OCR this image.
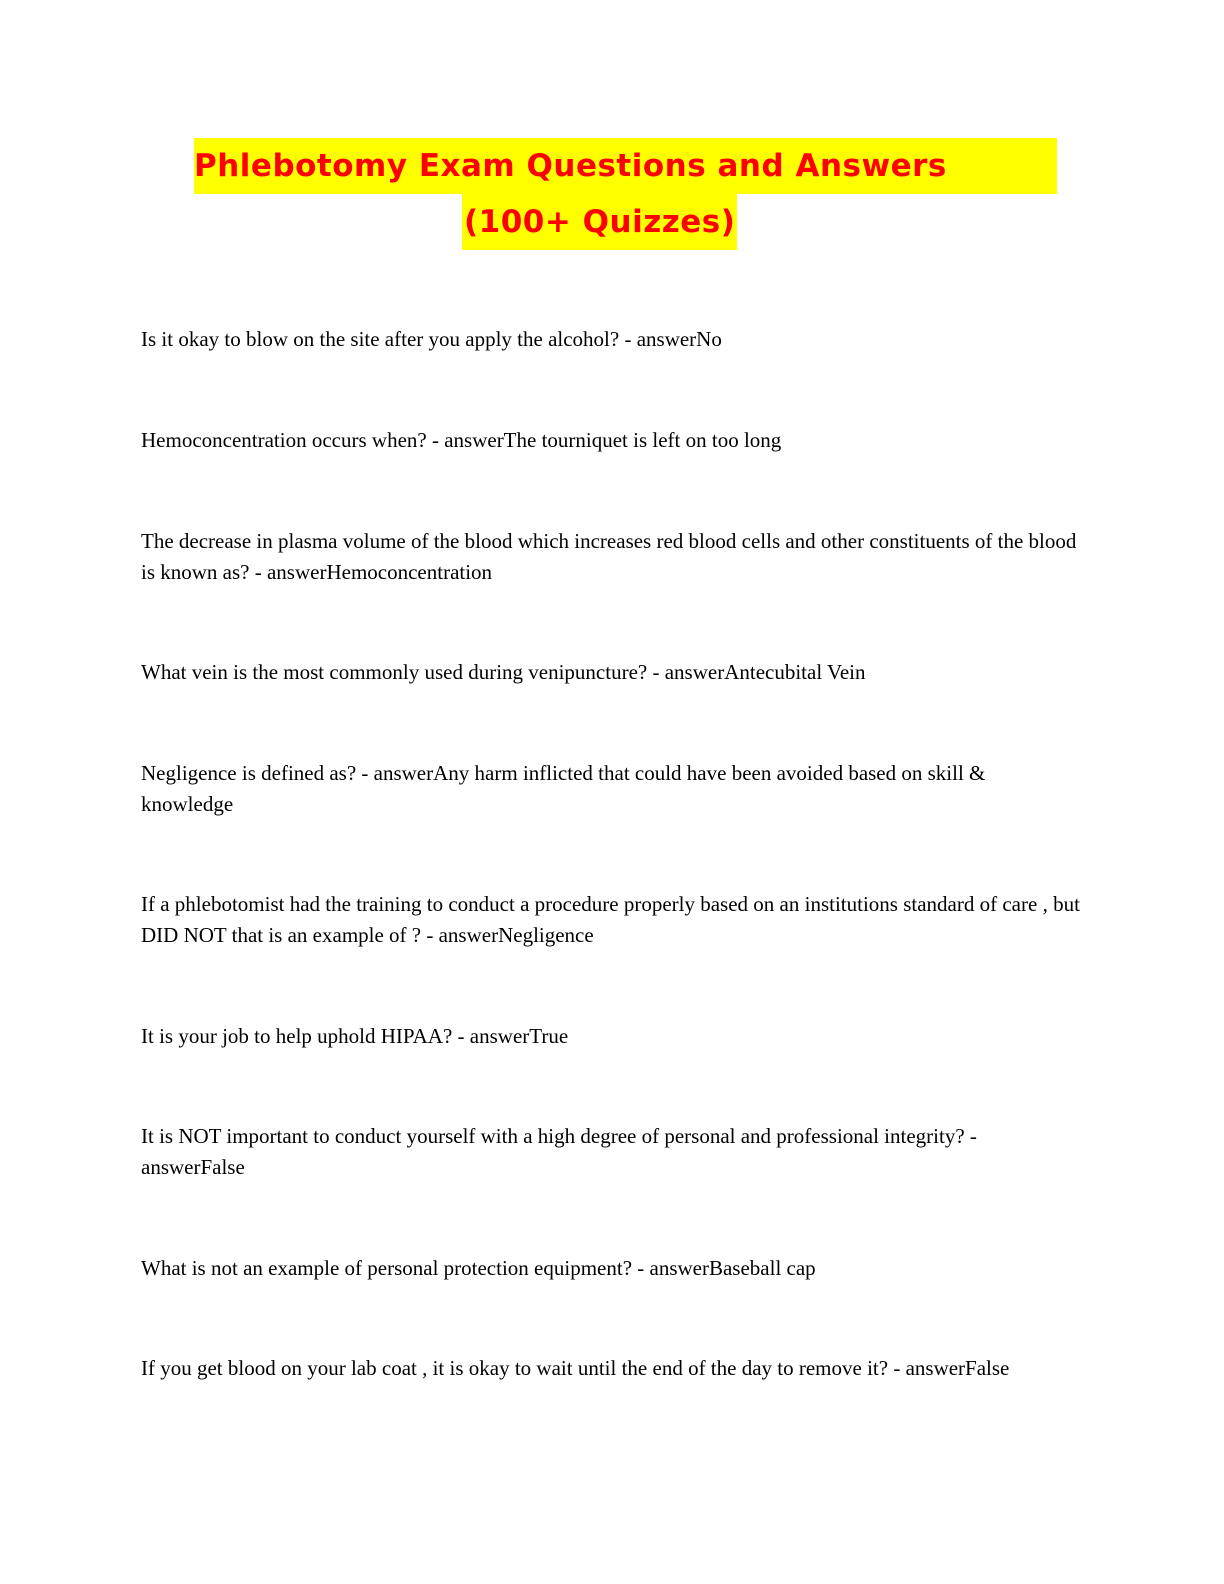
Phlebotomy Exam Questions and Answers
(100+ Quizzes)

Is it okay to blow on the site after you apply the alcohol? - answerNo

Hemoconcentration occurs when? - answerThe tourniquet is left on too long

The decrease in plasma volume of the blood which increases red blood cells and other constituents of the blood is known as? - answerHemoconcentration

What vein is the most commonly used during venipuncture? - answerAntecubital Vein

Negligence is defined as? - answerAny harm inflicted that could have been avoided based on skill & knowledge

If a phlebotomist had the training to conduct a procedure properly based on an institutions standard of care , but DID NOT that is an example of ? - answerNegligence

It is your job to help uphold HIPAA? - answerTrue

It is NOT important to conduct yourself with a high degree of personal and professional integrity? - answerFalse

What is not an example of personal protection equipment? - answerBaseball cap

If you get blood on your lab coat , it is okay to wait until the end of the day to remove it? - answerFalse
